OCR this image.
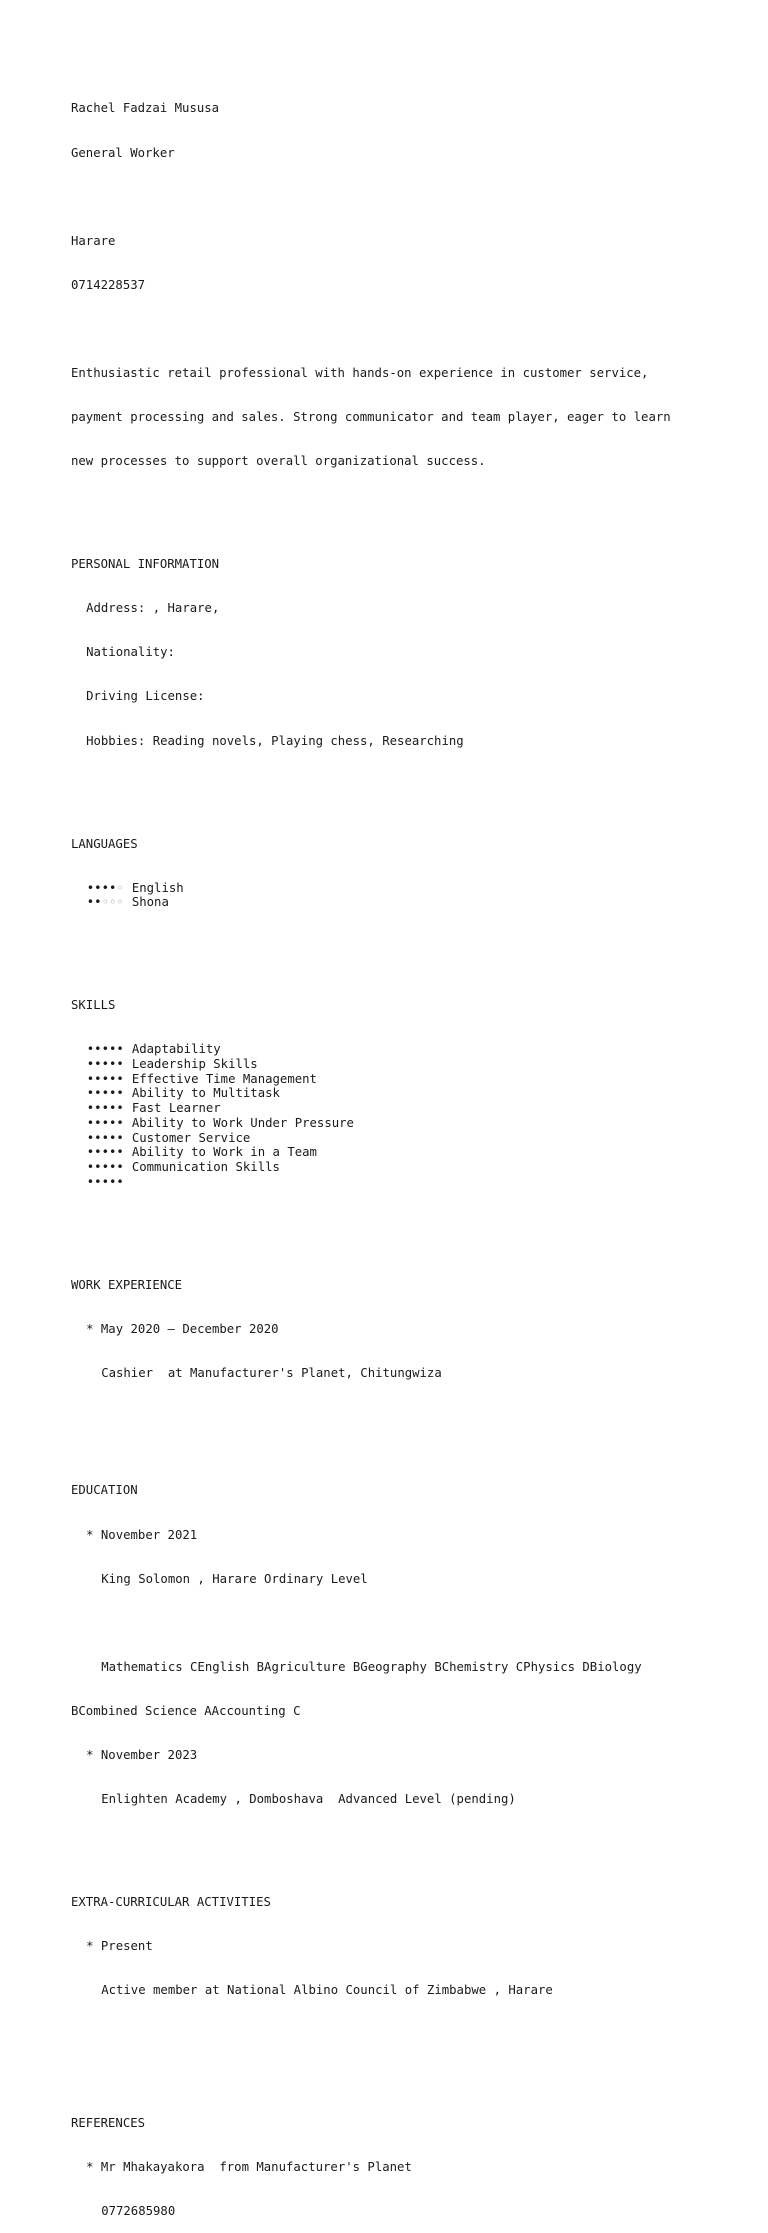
Rachel Fadzai Mususa

General Worker

Harare

0714228537

Enthusiastic retail professional with hands-on experience in customer service,

payment processing and sales. Strong communicator and team player, eager to learn

new processes to support overall organizational success.

PERSONAL INFORMATION

Address: , Harare,

Nationality:

Driving License:

Hobbies: Reading novels, Playing chess, Researching

LANGUAGES

••••◦ English
••◦◦◦ Shona

SKILLS

••••• Adaptability
••••• Leadership Skills
••••• Effective Time Management
••••• Ability to Multitask
••••• Fast Learner
••••• Ability to Work Under Pressure
••••• Customer Service
••••• Ability to Work in a Team
••••• Communication Skills
•••••

WORK EXPERIENCE

* May 2020 – December 2020

Cashier  at Manufacturer's Planet, Chitungwiza

EDUCATION

* November 2021

King Solomon , Harare Ordinary Level

Mathematics CEnglish BAgriculture BGeography BChemistry CPhysics DBiology

BCombined Science AAccounting C

* November 2023

Enlighten Academy , Domboshava  Advanced Level (pending)

EXTRA-CURRICULAR ACTIVITIES

* Present

Active member at National Albino Council of Zimbabwe , Harare

REFERENCES

* Mr Mhakayakora  from Manufacturer's Planet

0772685980
